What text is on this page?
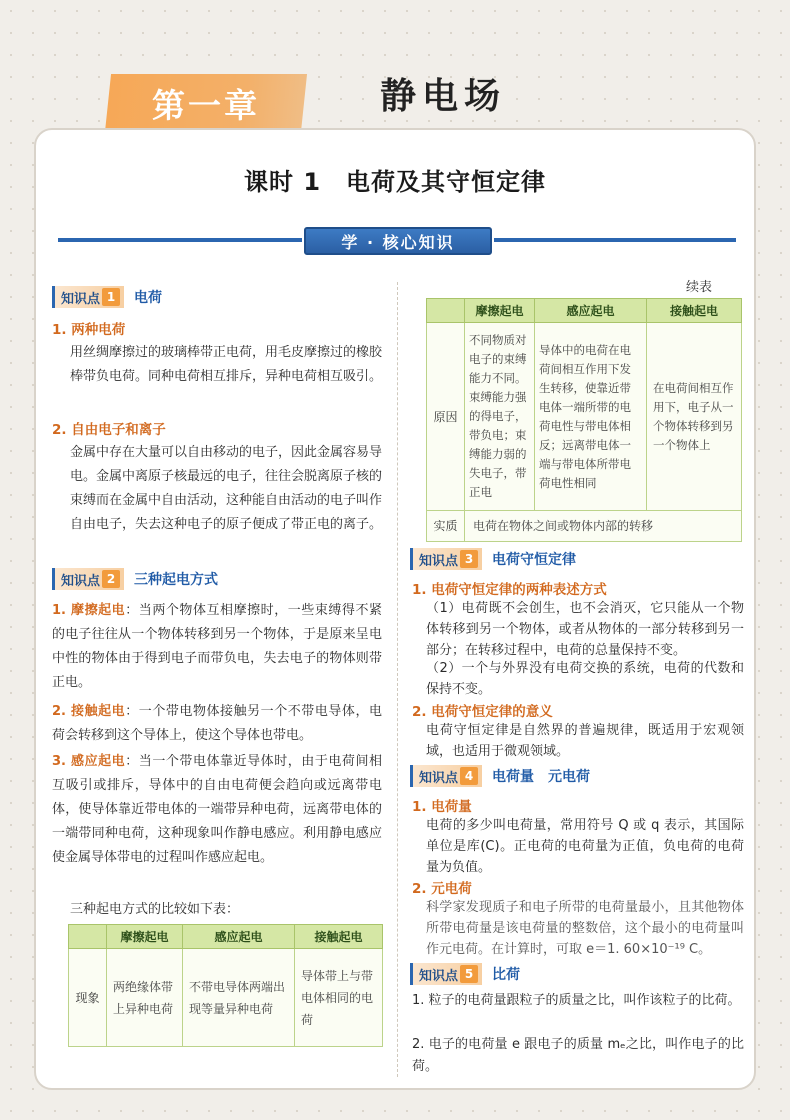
第一章	静电场
课时 1　电荷及其守恒定律
学 · 核心知识
知识点 1	电荷
1. 两种电荷
用丝绸摩擦过的玻璃棒带正电荷，用毛皮摩擦过的橡胶棒带负电荷。同种电荷相互排斥，异种电荷相互吸引。
2. 自由电子和离子
金属中存在大量可以自由移动的电子，因此金属容易导电。金属中离原子核最远的电子，往往会脱离原子核的束缚而在金属中自由活动，这种能自由活动的电子叫作自由电子，失去这种电子的原子便成了带正电的离子。
知识点 2	三种起电方式
1. 摩擦起电：当两个物体互相摩擦时，一些束缚得不紧的电子往往从一个物体转移到另一个物体，于是原来呈电中性的物体由于得到电子而带负电，失去电子的物体则带正电。
2. 接触起电：一个带电物体接触另一个不带电导体，电荷会转移到这个导体上，使这个导体也带电。
3. 感应起电：当一个带电体靠近导体时，由于电荷间相互吸引或排斥，导体中的自由电荷便会趋向或远离带电体，使导体靠近带电体的一端带异种电荷，远离带电体的一端带同种电荷，这种现象叫作静电感应。利用静电感应使金属导体带电的过程叫作感应起电。
三种起电方式的比较如下表：
	摩擦起电	感应起电	接触起电
现象	两绝缘体带上异种电荷	不带电导体两端出现等量异种电荷	导体带上与带电体相同的电荷
续表
	摩擦起电	感应起电	接触起电
原因	不同物质对电子的束缚能力不同。束缚能力强的得电子，带负电；束缚能力弱的失电子，带正电	导体中的电荷在电荷间相互作用下发生转移，使靠近带电体一端所带的电荷电性与带电体相反；远离带电体一端与带电体所带电荷电性相同	在电荷间相互作用下，电子从一个物体转移到另一个物体上
实质	电荷在物体之间或物体内部的转移		
知识点 3	电荷守恒定律
1. 电荷守恒定律的两种表述方式
（1）电荷既不会创生，也不会消灭，它只能从一个物体转移到另一个物体，或者从物体的一部分转移到另一部分；在转移过程中，电荷的总量保持不变。
（2）一个与外界没有电荷交换的系统，电荷的代数和保持不变。
2. 电荷守恒定律的意义
电荷守恒定律是自然界的普遍规律，既适用于宏观领域，也适用于微观领域。
知识点 4	电荷量　元电荷
1. 电荷量
电荷的多少叫电荷量，常用符号 Q 或 q 表示，其国际单位是库(C)。正电荷的电荷量为正值，负电荷的电荷量为负值。
2. 元电荷
科学家发现质子和电子所带的电荷量最小，且其他物体所带电荷量是该电荷量的整数倍，这个最小的电荷量叫作元电荷。在计算时，可取 e＝1. 60×10⁻¹⁹ C。
知识点 5	比荷
1. 粒子的电荷量跟粒子的质量之比，叫作该粒子的比荷。
2. 电子的电荷量 e 跟电子的质量 mₑ之比，叫作电子的比荷。
